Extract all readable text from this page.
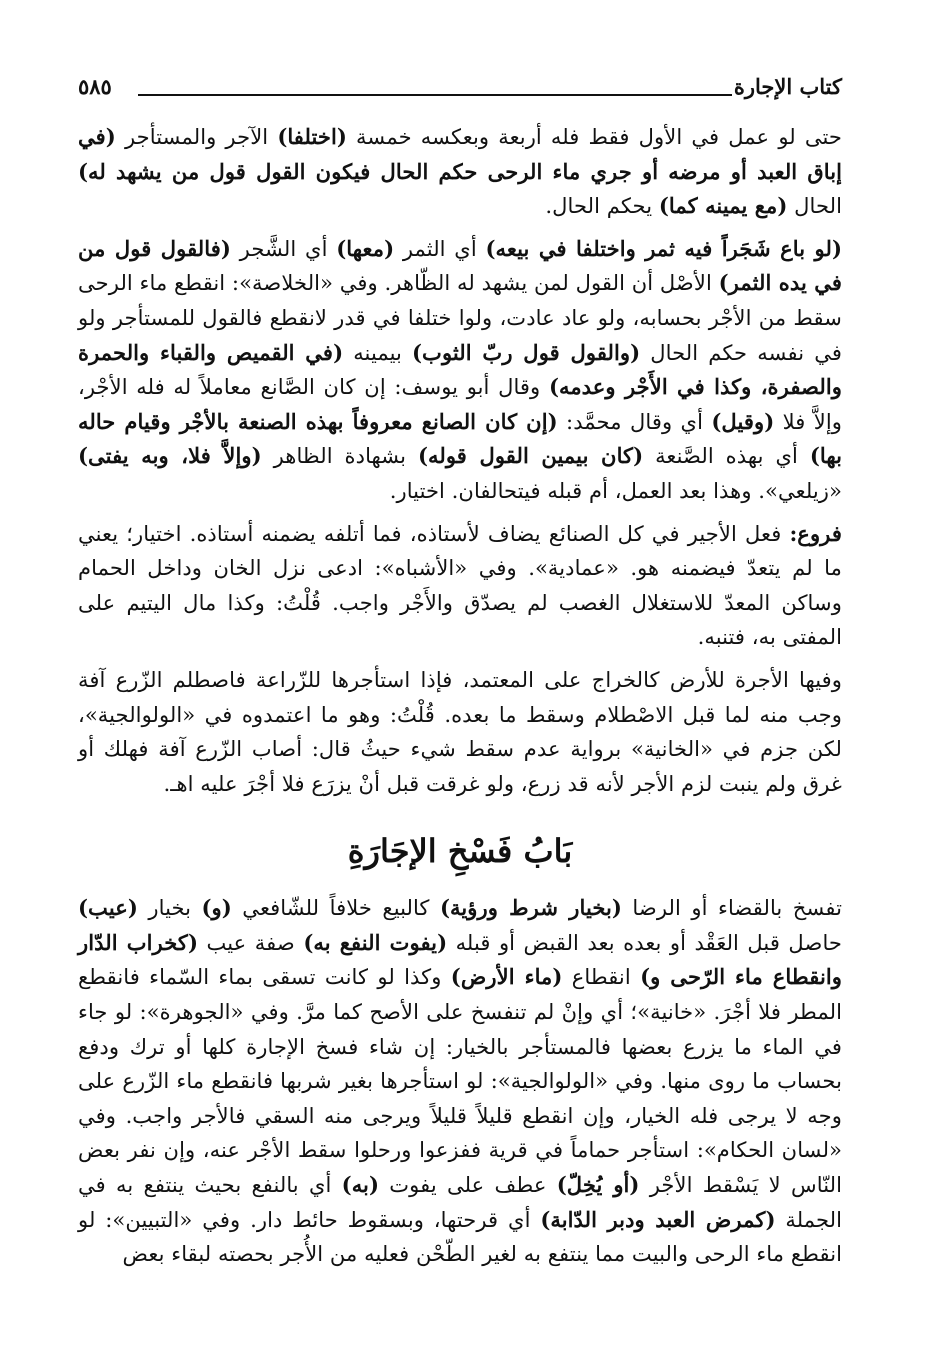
كتاب الإجارة
٥٨٥

حتى لو عمل في الأول فقط فله أربعة وبعكسه خمسة (اختلفا) الآجر والمستأجر (في إباق العبد أو مرضه أو جري ماء الرحى حكم الحال فيكون القول قول من يشهد له) الحال (مع يمينه كما) يحكم الحال.

(لو باع شَجَراً فيه ثمر واختلفا في بيعه) أي الثمر (معها) أي الشَّجر (فالقول قول من في يده الثمر) الأصْل أن القول لمن يشهد له الظّاهر. وفي «الخلاصة»: انقطع ماء الرحى سقط من الأجْر بحسابه، ولو عاد عادت، ولوا ختلفا في قدر لانقطع فالقول للمستأجر ولو في نفسه حكم الحال (والقول قول ربّ الثوب) بيمينه (في القميص والقباء والحمرة والصفرة، وكذا في الأَجْر وعدمه) وقال أبو يوسف: إن كان الصَّانع معاملاً له فله الأجْر، وإلاَّ فلا (وقيل) أي وقال محمَّد: (إن كان الصانع معروفاً بهذه الصنعة بالأجْر وقيام حاله بها) أي بهذه الصَّنعة (كان بيمين القول قوله) بشهادة الظاهر (وإلاَّ فلا، وبه يفتى) «زيلعي». وهذا بعد العمل، أم قبله فيتحالفان. اختيار.

فروع: فعل الأجير في كل الصنائع يضاف لأستاذه، فما أتلفه يضمنه أستاذه. اختيار؛ يعني ما لم يتعدّ فيضمنه هو. «عمادية». وفي «الأشباه»: ادعى نزل الخان وداخل الحمام وساكن المعدّ للاستغلال الغصب لم يصدّق والأَجْر واجب. قُلْتُ: وكذا مال اليتيم على المفتى به، فتنبه.

وفيها الأجرة للأرض كالخراج على المعتمد، فإذا استأجرها للزّراعة فاصطلم الزّرع آفة وجب منه لما قبل الاصْطلام وسقط ما بعده. قُلْتُ: وهو ما اعتمدوه في «الولوالجية»، لكن جزم في «الخانية» برواية عدم سقط شيء حيثُ قال: أصاب الزّرع آفة فهلك أو غرق ولم ينبت لزم الأجر لأنه قد زرع، ولو غرقت قبل أنْ يزرَع فلا أجْرَ عليه اهـ.

بَابُ فَسْخِ الإجَارَةِ

تفسخ بالقضاء أو الرضا (بخيار شرط ورؤية) كالبيع خلافاً للشّافعي (و) بخيار (عيب) حاصل قبل العَقْد أو بعده بعد القبض أو قبله (يفوت النفع به) صفة عيب (كخراب الدّار وانقطاع ماء الرّحى و) انقطاع (ماء الأرض) وكذا لو كانت تسقى بماء السّماء فانقطع المطر فلا أجْرَ. «خانية»؛ أي وإنْ لم تنفسخ على الأصح كما مرَّ. وفي «الجوهرة»: لو جاء في الماء ما يزرع بعضها فالمستأجر بالخيار: إن شاء فسخ الإجارة كلها أو ترك ودفع بحساب ما روى منها. وفي «الولوالجية»: لو استأجرها بغير شربها فانقطع ماء الزّرع على وجه لا يرجى فله الخيار، وإن انقطع قليلاً قليلاً ويرجى منه السقي فالأجر واجب. وفي «لسان الحكام»: استأجر حماماً في قرية ففزعوا ورحلوا سقط الأجْر عنه، وإن نفر بعض النّاس لا يَسْقط الأجْر (أو يُخِلّ) عطف على يفوت (به) أي بالنفع بحيث ينتفع به في الجملة (كمرض العبد ودبر الدّابة) أي قرحتها، وبسقوط حائط دار. وفي «التبيين»: لو انقطع ماء الرحى والبيت مما ينتفع به لغير الطّحْن فعليه من الأُجر بحصته لبقاء بعض
